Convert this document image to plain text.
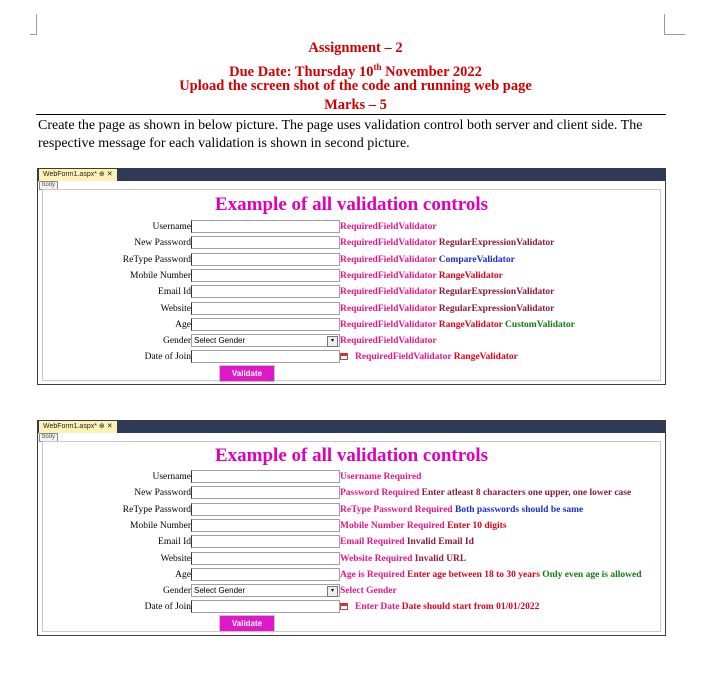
Assignment – 2
Due Date: Thursday 10th November 2022
Upload the screen shot of the code and running web page
Marks – 5
Create the page as shown in below picture. The page uses validation control both server and client side. The respective message for each validation is shown in second picture.
WebForm1.aspx* ⊕ ✕
body
Example of all validation controls
Validate
Username	RequiredFieldValidator
New Password	RequiredFieldValidator RegularExpressionValidator
ReType Password	RequiredFieldValidator CompareValidator
Mobile Number	RequiredFieldValidator RangeValidator
Email Id	RequiredFieldValidator RegularExpressionValidator
Website	RequiredFieldValidator RegularExpressionValidator
Age	RequiredFieldValidator RangeValidator CustomValidator
Gender Select Gender	▾ RequiredFieldValidator
Date of Join	RequiredFieldValidator RangeValidator
WebForm1.aspx* ⊕ ✕
body
Example of all validation controls
Validate
Username	Username Required
New Password	Password Required Enter atleast 8 characters one upper, one lower case
ReType Password	ReType Password Required Both passwords should be same
Mobile Number	Mobile Number Required Enter 10 digits
Email Id	Email Required Invalid Email Id
Website	Website Required Invalid URL
Age	Age is Required Enter age between 18 to 30 years Only even age is allowed
Gender Select Gender	▾ Select Gender
Date of Join	Enter Date Date should start from 01/01/2022
